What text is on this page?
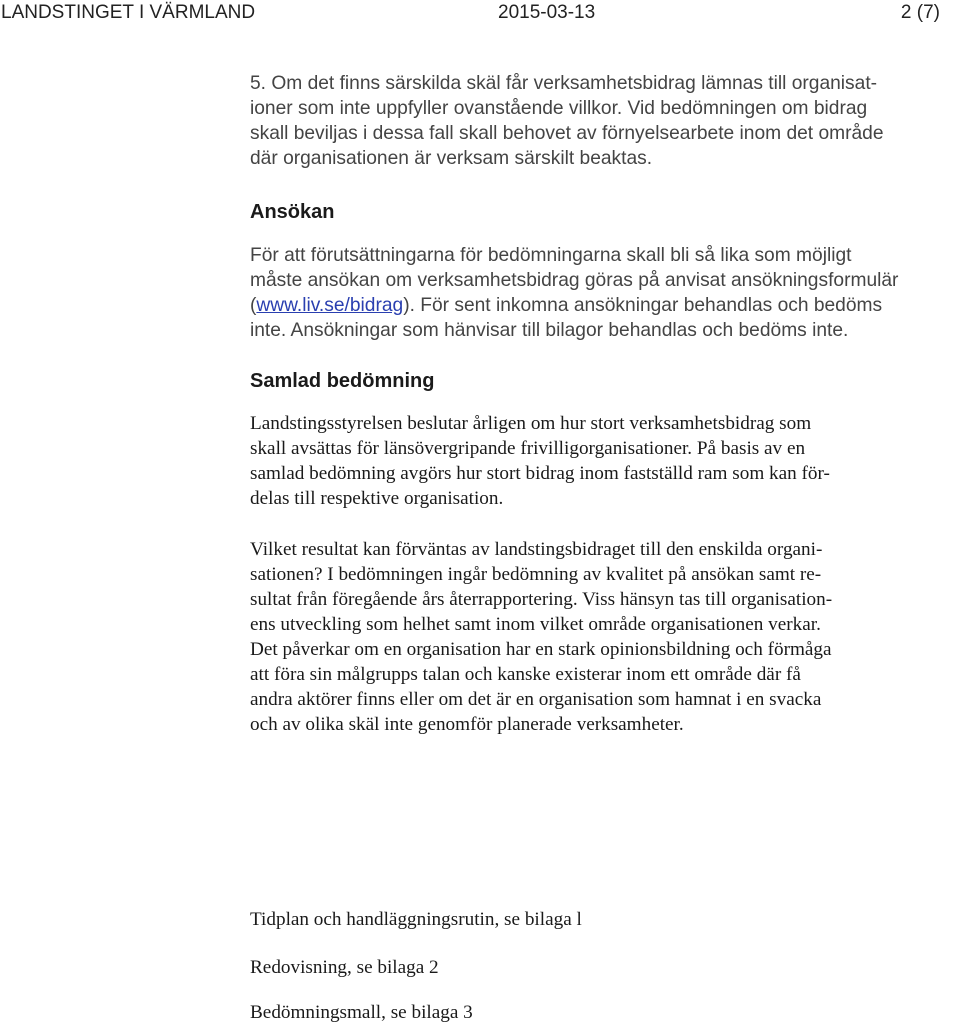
LANDSTINGET I VÄRMLAND	2015-03-13	2 (7)
5. Om det finns särskilda skäl får verksamhetsbidrag lämnas till organisat-
ioner som inte uppfyller ovanstående villkor. Vid bedömningen om bidrag
skall beviljas i dessa fall skall behovet av förnyelsearbete inom det område
där organisationen är verksam särskilt beaktas.
Ansökan
För att förutsättningarna för bedömningarna skall bli så lika som möjligt
måste ansökan om verksamhetsbidrag göras på anvisat ansökningsformulär
(www.liv.se/bidrag). För sent inkomna ansökningar behandlas och bedöms
inte. Ansökningar som hänvisar till bilagor behandlas och bedöms inte.
Samlad bedömning
Landstingsstyrelsen beslutar årligen om hur stort verksamhetsbidrag som
skall avsättas för länsövergripande frivilligorganisationer. På basis av en
samlad bedömning avgörs hur stort bidrag inom fastställd ram som kan för-
delas till respektive organisation.
Vilket resultat kan förväntas av landstingsbidraget till den enskilda organi-
sationen? I bedömningen ingår bedömning av kvalitet på ansökan samt re-
sultat från föregående års återrapportering. Viss hänsyn tas till organisation-
ens utveckling som helhet samt inom vilket område organisationen verkar.
Det påverkar om en organisation har en stark opinionsbildning och förmåga
att föra sin målgrupps talan och kanske existerar inom ett område där få
andra aktörer finns eller om det är en organisation som hamnat i en svacka
och av olika skäl inte genomför planerade verksamheter.
Tidplan och handläggningsrutin, se bilaga l
Redovisning, se bilaga 2
Bedömningsmall, se bilaga 3
